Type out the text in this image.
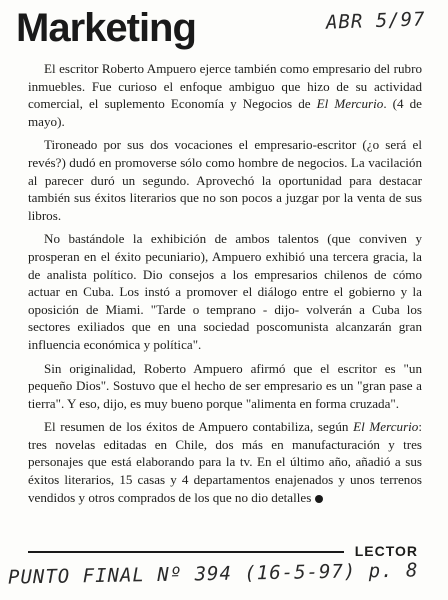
Marketing	ABR 5/97

El escritor Roberto Ampuero ejerce también como empresario del rubro inmuebles. Fue curioso el enfoque ambiguo que hizo de su actividad comercial, el suplemento Economía y Negocios de El Mercurio. (4 de mayo).

Tironeado por sus dos vocaciones el empresario-escritor (¿o será el revés?) dudó en promoverse sólo como hombre de negocios. La vacilación al parecer duró un segundo. Aprovechó la oportunidad para destacar también sus éxitos literarios que no son pocos a juzgar por la venta de sus libros.

No bastándole la exhibición de ambos talentos (que conviven y prosperan en el éxito pecuniario), Ampuero exhibió una tercera gracia, la de analista político. Dio consejos a los empresarios chilenos de cómo actuar en Cuba. Los instó a promover el diálogo entre el gobierno y la oposición de Miami. "Tarde o temprano - dijo- volverán a Cuba los sectores exiliados que en una sociedad poscomunista alcanzarán gran influencia económica y política".

Sin originalidad, Roberto Ampuero afirmó que el escritor es "un pequeño Dios". Sostuvo que el hecho de ser empresario es un "gran pase a tierra". Y eso, dijo, es muy bueno porque "alimenta en forma cruzada".

El resumen de los éxitos de Ampuero contabiliza, según El Mercurio: tres novelas editadas en Chile, dos más en manufacturación y tres personajes que está elaborando para la tv. En el último año, añadió a sus éxitos literarios, 15 casas y 4 departamentos enajenados y unos terrenos vendidos y otros comprados de los que no dio detalles

LECTOR
PUNTO FINAL Nº 394 (16-5-97) p. 8
